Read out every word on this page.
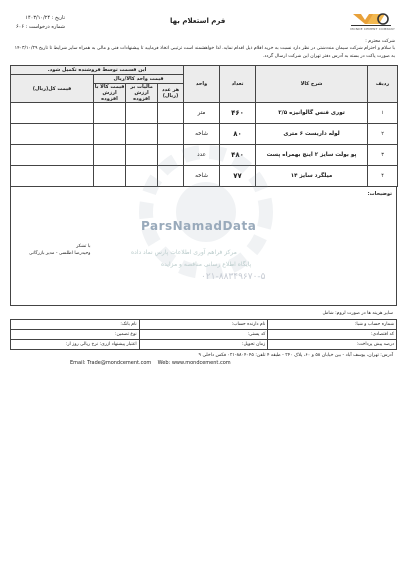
تاریخ : ۱۴۰۳/۱۰/۲۴
شماره درخواست : ۶۰۶
فرم استعلام بها
MONDE CEMENT COMPANY
شرکت محترم :
با سلام و احترام شرکت سیمان منددشتی در نظر دارد نسبت به خرید اقلام ذیل اقدام نماید. لذا خواهشمند است ترتیبی اتخاذ فرمایید تا پیشنهادات فنی و مالی به همراه سایر شرایط تا تاریخ ۱۴۰۳/۱۰/۲۹ به صورت پاکت در بسته به آدرس دفتر تهران این شرکت ارسال گردد.
ردیف	شرح کالا	تعداد	واحد	این قسمت توسط فروشنده تکمیل شود.			
				قیمت واحد کالا/ریال			قیمت کل(ریال)
				هر عدد (ریال)	مالیات بر ارزش افزوده	قیمت کالا با ارزش افزوده	
۱	توری فنس گالوانیزه ۲/۵	۴۶۰	متر				
۲	لوله داربست ۶ متری	۸۰	شاخه				
۳	پو بولت سایز ۲ اینچ بهمراه پست	۴۸۰	عدد				
۴	میلگرد سایز ۱۴	۷۷	شاخه				
توضیحات:
ParsNamadData
مرکز فراهم آوری اطلاعات پارس نماد داده
پایگاه اطلاع رسانی مناقصه و مزایده
۰۲۱-۸۸۳۴۹۶۷۰-۵
با تشکر
وحیدرضا اطلسی - مدیر بازرگانی
سایر هزینه ها در صورت لزوم: شامل
شماره حساب و شبا:	نام دارنده حساب:	نام بانک:
کد اقتصادی:	کد پستی:	نوع تضمین:
درصد پیش پرداخت:	زمان تحویل:	اعتبار پیشنهاد ازری: نرخ ریالی روز ار:
آدرس: تهران، یوسف آباد - بین خیابان ۵۸ و ۶۰، پلاک ۲۴۰ - طبقه ۴ تلفن: ۸۸۰۴۰۴۵-۰۲۱ فکس داخلی ۹
Email: Trade@mondcement.com Web: www.mondcement.com
